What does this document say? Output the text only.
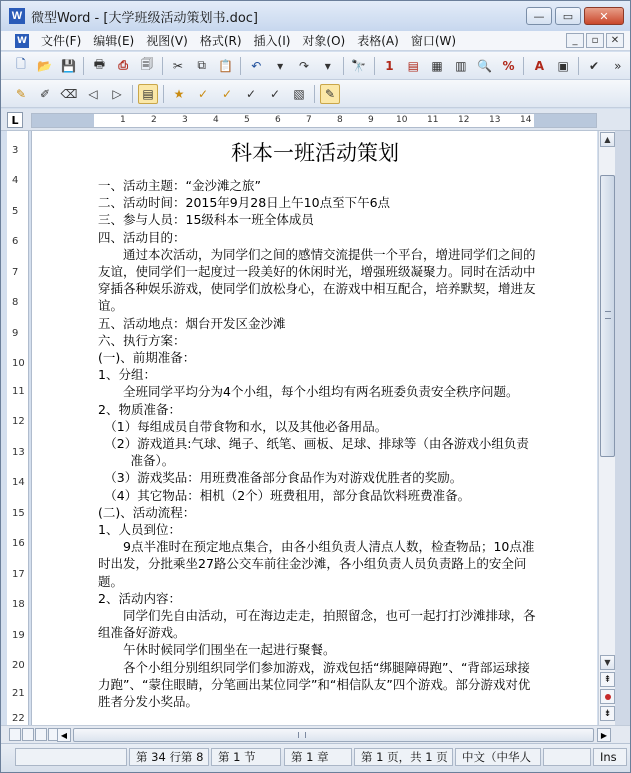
W 微型Word - [大学班级活动策划书.doc]	—	▭	✕
W	文件(F)	编辑(E)	视图(V)	格式(R)	插入(I)	对象(O)	表格(A)	窗口(W)	_	▫	✕
🗋 📂 💾	🖶	⎙	🗐	✂	⧉	📋	↶	▾	↷	▾	🔭	1	▤	▦	▥ 🔍 %	A	▣	✔	»
✎	✐ ⌫ ◁	▷	▤	★	✓	✓	✓	✓	▧	✎
L	1	2	3	4	5	6	7	8	9 10 11 12 13 14
3
4
5
6
7
8
9
10
11
12
13
14
15
16
17
18
19
20
21
22
科本一班活动策划

一、活动主题：“金沙滩之旅”

二、活动时间：2015年9月28日上午10点至下午6点

三、参与人员：15级科本一班全体成员

四、活动目的：

通过本次活动，为同学们之间的感情交流提供一个平台，增进同学们之间的友谊，使同学们一起度过一段美好的休闲时光，增强班级凝聚力。同时在活动中穿插各种娱乐游戏，使同学们放松身心，在游戏中相互配合，培养默契，增进友谊。

五、活动地点：烟台开发区金沙滩

六、执行方案：

(一)、前期准备：

1、分组：

全班同学平均分为4个小组，每个小组均有两名班委负责安全秩序问题。

2、物质准备：

（1）每组成员自带食物和水，以及其他必备用品。

（2）游戏道具:气球、绳子、纸笔、画板、足球、排球等（由各游戏小组负责准备）。

（3）游戏奖品：用班费准备部分食品作为对游戏优胜者的奖励。

（4）其它物品：相机（2个）班费租用，部分食品饮料班费准备。

(二)、活动流程：

1、人员到位：

9点半准时在预定地点集合，由各小组负责人清点人数，检查物品；10点准时出发，分批乘坐27路公交车前往金沙滩，各小组负责人员负责路上的安全问题。

2、活动内容：

同学们先自由活动，可在海边走走，拍照留念，也可一起打打沙滩排球，各组准备好游戏。

午休时候同学们围坐在一起进行聚餐。

各个小组分别组织同学们参加游戏，游戏包括“绑腿障碍跑”、“背部运球接力跑”、“蒙住眼睛，分笔画出某位同学”和“相信队友”四个游戏。部分游戏对优胜者分发小奖品。

▲
▼
⇞
⇟
◀	▶
第 34 行第 8	第 1 节	第 1 章	第 1 页，共 1 页	中文（中华人	Ins
